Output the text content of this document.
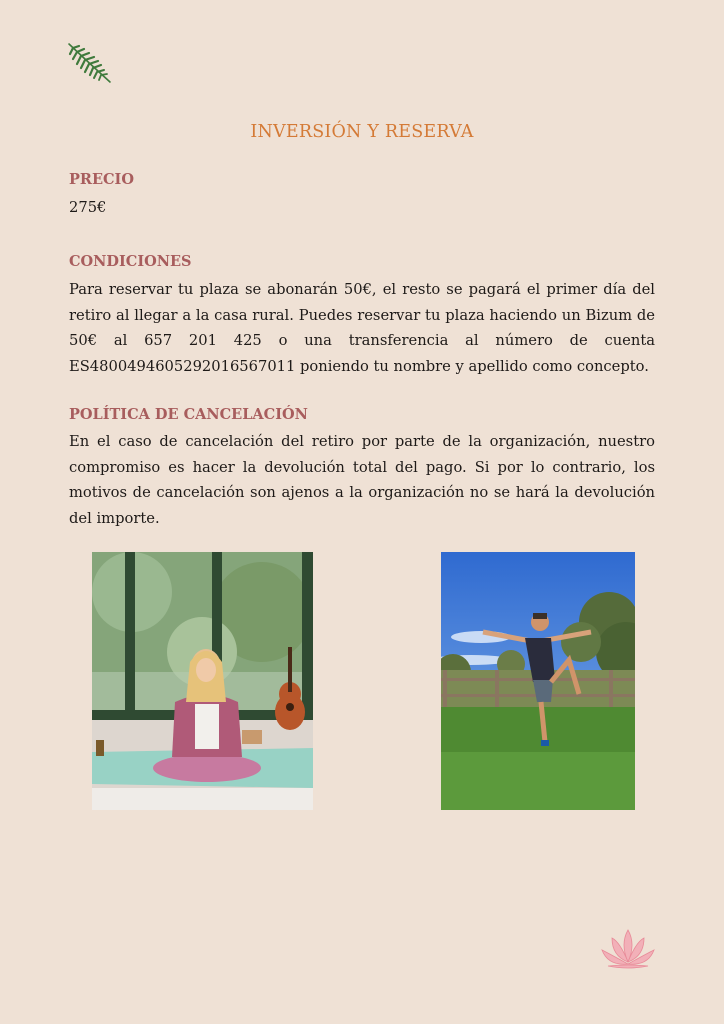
INVERSIÓN Y RESERVA
PRECIO

275€

CONDICIONES

Para reservar tu plaza se abonarán 50€, el resto se pagará el primer día del retiro al llegar a la casa rural. Puedes reservar tu plaza haciendo un Bizum de 50€ al 657 201 425 o una transferencia al número de cuenta ES4800494605292016567011 poniendo tu nombre y apellido como concepto.

POLÍTICA DE CANCELACIÓN

En el caso de cancelación del retiro por parte de la organización, nuestro compromiso es hacer la devolución total del pago. Si por lo contrario, los motivos de cancelación son ajenos a la organización no se hará la devolución del importe.
